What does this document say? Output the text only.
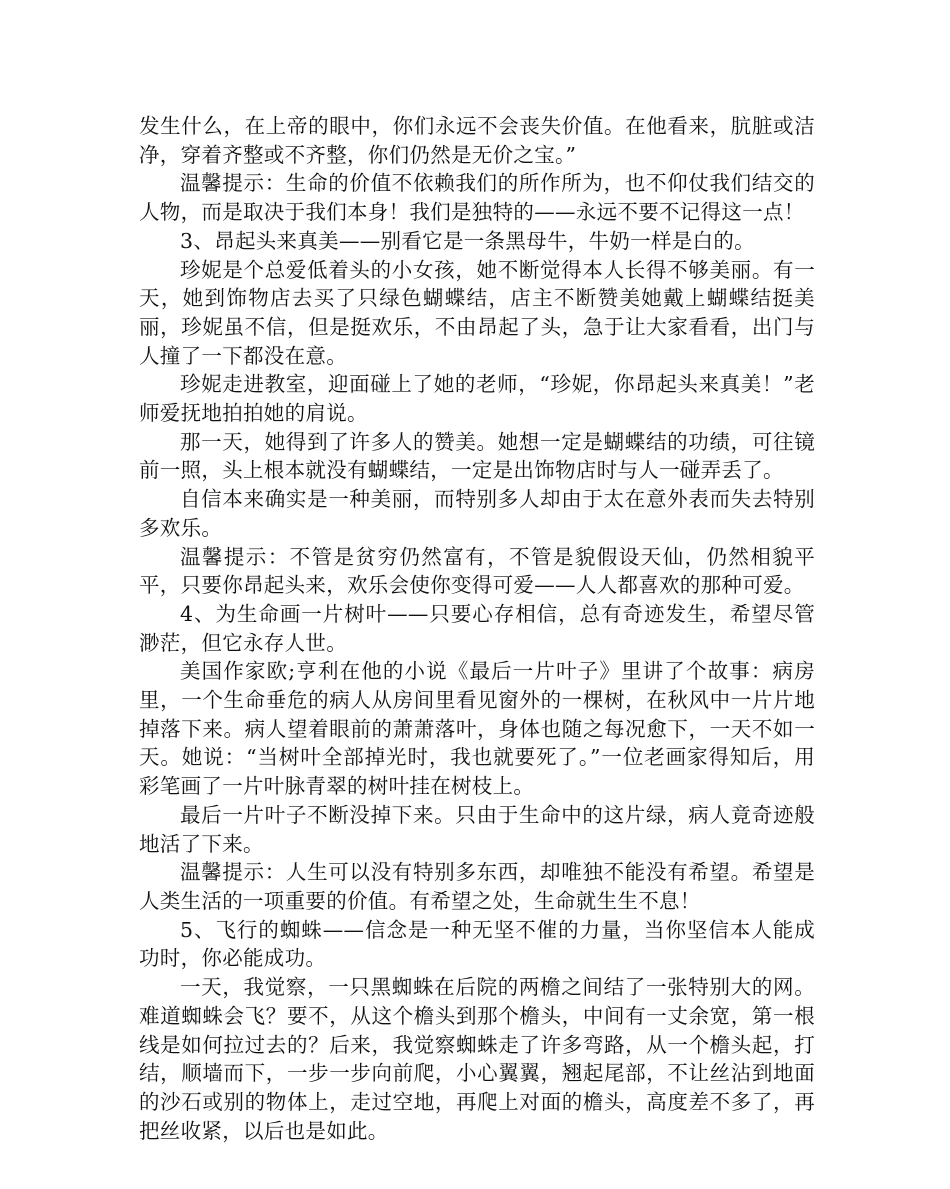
发生什么，在上帝的眼中，你们永远不会丧失价值。在他看来，肮脏或洁净，穿着齐整或不齐整，你们仍然是无价之宝。”

温馨提示：生命的价值不依赖我们的所作所为，也不仰仗我们结交的人物，而是取决于我们本身！我们是独特的——永远不要不记得这一点！

3、昂起头来真美——别看它是一条黑母牛，牛奶一样是白的。

珍妮是个总爱低着头的小女孩，她不断觉得本人长得不够美丽。有一天，她到饰物店去买了只绿色蝴蝶结，店主不断赞美她戴上蝴蝶结挺美丽，珍妮虽不信，但是挺欢乐，不由昂起了头，急于让大家看看，出门与人撞了一下都没在意。

珍妮走进教室，迎面碰上了她的老师，“珍妮，你昂起头来真美！”老师爱抚地拍拍她的肩说。

那一天，她得到了许多人的赞美。她想一定是蝴蝶结的功绩，可往镜前一照，头上根本就没有蝴蝶结，一定是出饰物店时与人一碰弄丢了。

自信本来确实是一种美丽，而特别多人却由于太在意外表而失去特别多欢乐。

温馨提示：不管是贫穷仍然富有，不管是貌假设天仙，仍然相貌平平，只要你昂起头来，欢乐会使你变得可爱——人人都喜欢的那种可爱。

4、为生命画一片树叶——只要心存相信，总有奇迹发生，希望尽管渺茫，但它永存人世。

美国作家欧;亨利在他的小说《最后一片叶子》里讲了个故事：病房里，一个生命垂危的病人从房间里看见窗外的一棵树，在秋风中一片片地掉落下来。病人望着眼前的萧萧落叶，身体也随之每况愈下，一天不如一天。她说：“当树叶全部掉光时，我也就要死了。”一位老画家得知后，用彩笔画了一片叶脉青翠的树叶挂在树枝上。

最后一片叶子不断没掉下来。只由于生命中的这片绿，病人竟奇迹般地活了下来。

温馨提示：人生可以没有特别多东西，却唯独不能没有希望。希望是人类生活的一项重要的价值。有希望之处，生命就生生不息！

5、飞行的蜘蛛——信念是一种无坚不催的力量，当你坚信本人能成功时，你必能成功。

一天，我觉察，一只黑蜘蛛在后院的两檐之间结了一张特别大的网。难道蜘蛛会飞？要不，从这个檐头到那个檐头，中间有一丈余宽，第一根线是如何拉过去的？后来，我觉察蜘蛛走了许多弯路，从一个檐头起，打结，顺墙而下，一步一步向前爬，小心翼翼，翘起尾部，不让丝沾到地面的沙石或别的物体上，走过空地，再爬上对面的檐头，高度差不多了，再把丝收紧，以后也是如此。
